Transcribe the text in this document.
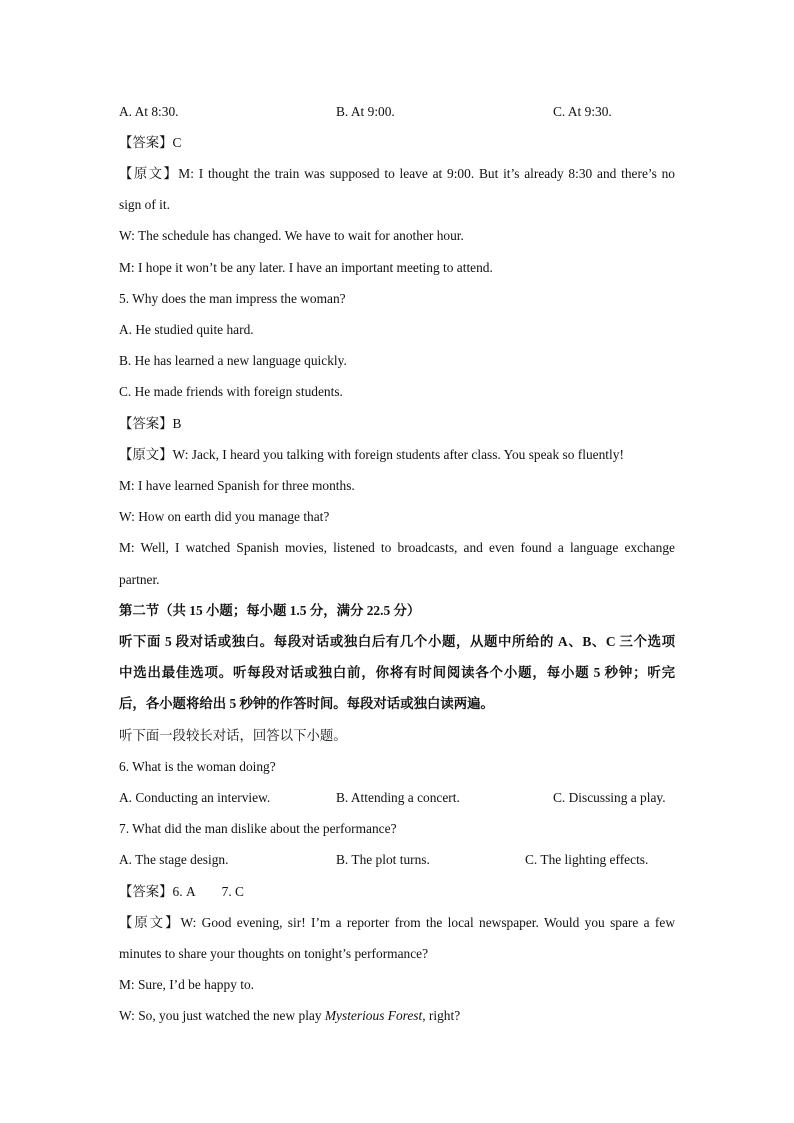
A. At 8:30.	B. At 9:00.	C. At 9:30.
【答案】C
【原文】M: I thought the train was supposed to leave at 9:00. But it’s already 8:30 and there’s no
sign of it.
W: The schedule has changed. We have to wait for another hour.
M: I hope it won’t be any later. I have an important meeting to attend.
5. Why does the man impress the woman?
A. He studied quite hard.
B. He has learned a new language quickly.
C. He made friends with foreign students.
【答案】B
【原文】W: Jack, I heard you talking with foreign students after class. You speak so fluently!
M: I have learned Spanish for three months.
W: How on earth did you manage that?
M: Well, I watched Spanish movies, listened to broadcasts, and even found a language exchange
partner.
第二节（共 15 小题；每小题 1.5 分，满分 22.5 分）
听下面 5 段对话或独白。每段对话或独白后有几个小题，从题中所给的 A、B、C 三个选项
中选出最佳选项。听每段对话或独白前，你将有时间阅读各个小题，每小题 5 秒钟；听完
后，各小题将给出 5 秒钟的作答时间。每段对话或独白读两遍。
听下面一段较长对话，回答以下小题。
6. What is the woman doing?
A. Conducting an interview.	B. Attending a concert.	C. Discussing a play.
7. What did the man dislike about the performance?
A. The stage design.	B. The plot turns.	C. The lighting effects.
【答案】6. A        7. C
【原文】W: Good evening, sir! I’m a reporter from the local newspaper. Would you spare a few
minutes to share your thoughts on tonight’s performance?
M: Sure, I’d be happy to.
W: So, you just watched the new play Mysterious Forest, right?
